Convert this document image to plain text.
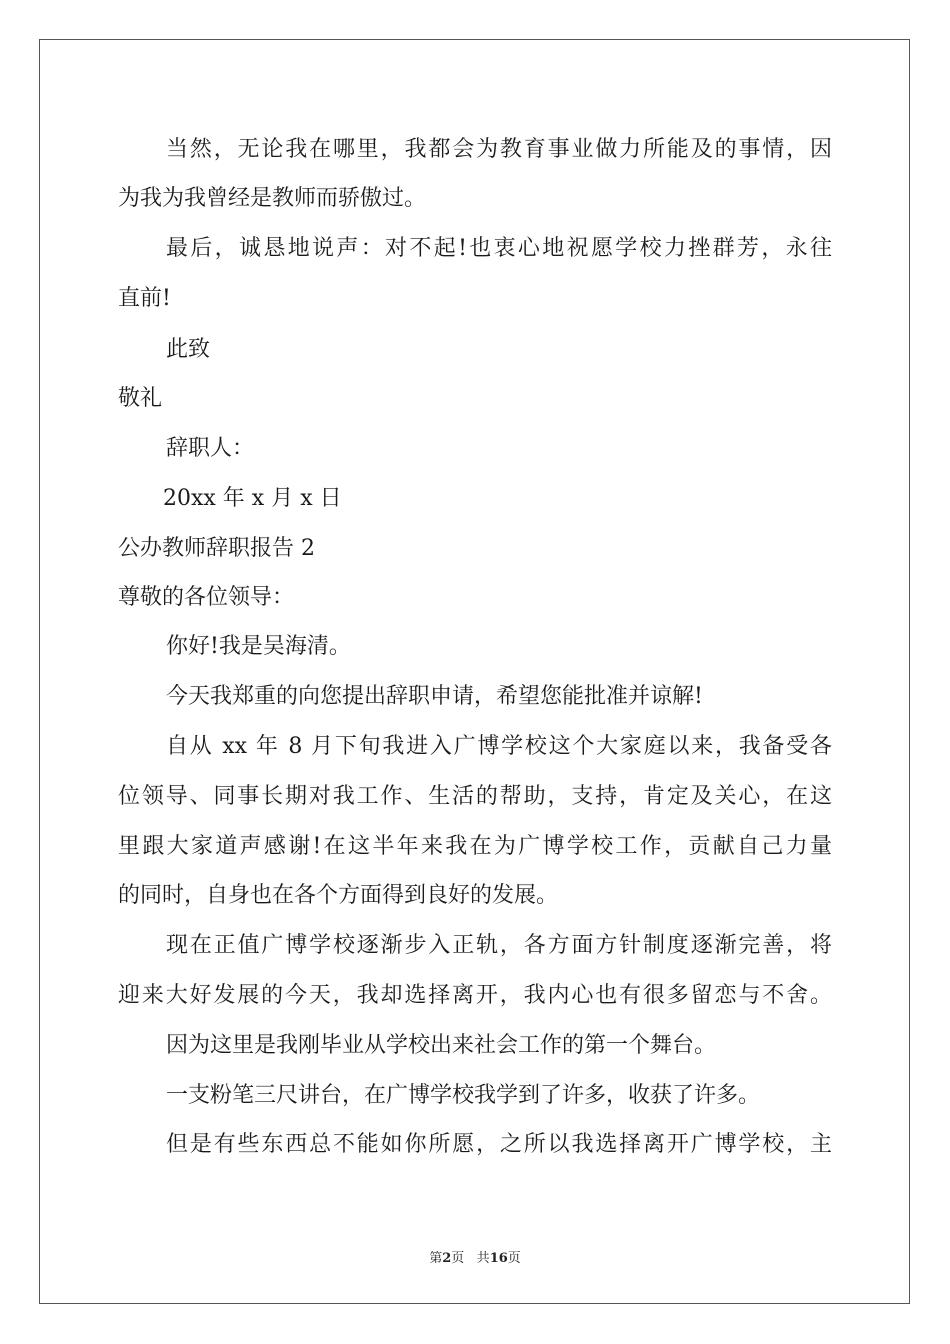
当然，无论我在哪里，我都会为教育事业做力所能及的事情，因
为我为我曾经是教师而骄傲过。
最后，诚恳地说声：对不起!也衷心地祝愿学校力挫群芳，永往
直前!
此致
敬礼
辞职人：
20xx 年 x 月 x 日
公办教师辞职报告 2
尊敬的各位领导：
你好!我是吴海清。
今天我郑重的向您提出辞职申请，希望您能批准并谅解!
自从 xx 年 8 月下旬我进入广博学校这个大家庭以来，我备受各
位领导、同事长期对我工作、生活的帮助，支持，肯定及关心，在这
里跟大家道声感谢!在这半年来我在为广博学校工作，贡献自己力量
的同时，自身也在各个方面得到良好的发展。
现在正值广博学校逐渐步入正轨，各方面方针制度逐渐完善，将
迎来大好发展的今天，我却选择离开，我内心也有很多留恋与不舍。
因为这里是我刚毕业从学校出来社会工作的第一个舞台。
一支粉笔三尺讲台，在广博学校我学到了许多，收获了许多。
但是有些东西总不能如你所愿，之所以我选择离开广博学校，主
第2页 共16页
